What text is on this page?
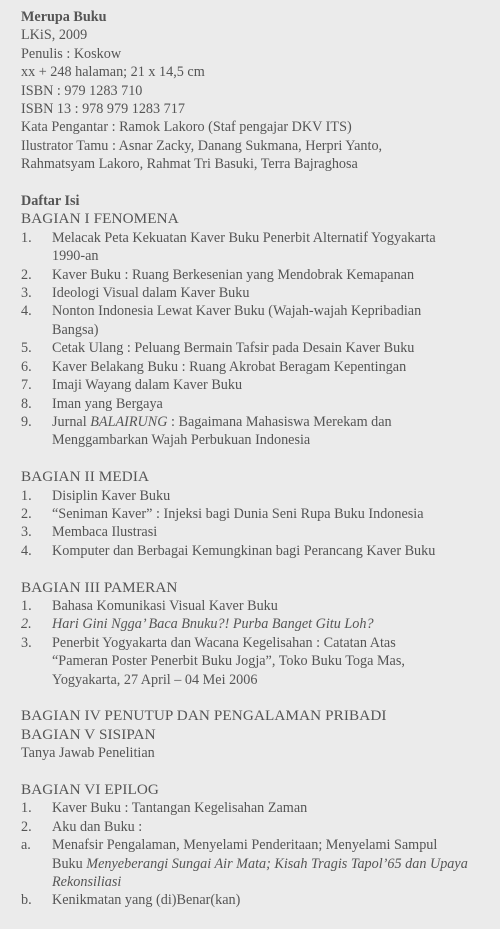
Merupa Buku
LKiS, 2009
Penulis : Koskow
xx + 248 halaman; 21 x 14,5 cm
ISBN : 979 1283 710
ISBN 13 : 978 979 1283 717
Kata Pengantar : Ramok Lakoro (Staf pengajar DKV ITS)
Ilustrator Tamu : Asnar Zacky, Danang Sukmana, Herpri Yanto,
Rahmatsyam Lakoro, Rahmat Tri Basuki, Terra Bajraghosa
Daftar Isi
BAGIAN I FENOMENA
1.	Melacak Peta Kekuatan Kaver Buku Penerbit Alternatif Yogyakarta
1990-an
2.	Kaver Buku : Ruang Berkesenian yang Mendobrak Kemapanan
3.	Ideologi Visual dalam Kaver Buku
4.	Nonton Indonesia Lewat Kaver Buku (Wajah-wajah Kepribadian
Bangsa)
5.	Cetak Ulang : Peluang Bermain Tafsir pada Desain Kaver Buku
6.	Kaver Belakang Buku : Ruang Akrobat Beragam Kepentingan
7.	Imaji Wayang dalam Kaver Buku
8.	Iman yang Bergaya
9.	Jurnal BALAIRUNG : Bagaimana Mahasiswa Merekam dan
Menggambarkan Wajah Perbukuan Indonesia
BAGIAN II MEDIA
1.	Disiplin Kaver Buku
2.	“Seniman Kaver” : Injeksi bagi Dunia Seni Rupa Buku Indonesia
3.	Membaca Ilustrasi
4.	Komputer dan Berbagai Kemungkinan bagi Perancang Kaver Buku
BAGIAN III PAMERAN
1.	Bahasa Komunikasi Visual Kaver Buku
2.	Hari Gini Ngga’ Baca Bnuku?! Purba Banget Gitu Loh?
3.	Penerbit Yogyakarta dan Wacana Kegelisahan : Catatan Atas
“Pameran Poster Penerbit Buku Jogja”, Toko Buku Toga Mas,
Yogyakarta, 27 April – 04 Mei 2006
BAGIAN IV PENUTUP DAN PENGALAMAN PRIBADI
BAGIAN V SISIPAN
Tanya Jawab Penelitian
BAGIAN VI EPILOG
1.	Kaver Buku : Tantangan Kegelisahan Zaman
2.	Aku dan Buku :
a.	Menafsir Pengalaman, Menyelami Penderitaan; Menyelami Sampul
Buku Menyeberangi Sungai Air Mata; Kisah Tragis Tapol’65 dan Upaya
Rekonsiliasi
b.	Kenikmatan yang (di)Benar(kan)
